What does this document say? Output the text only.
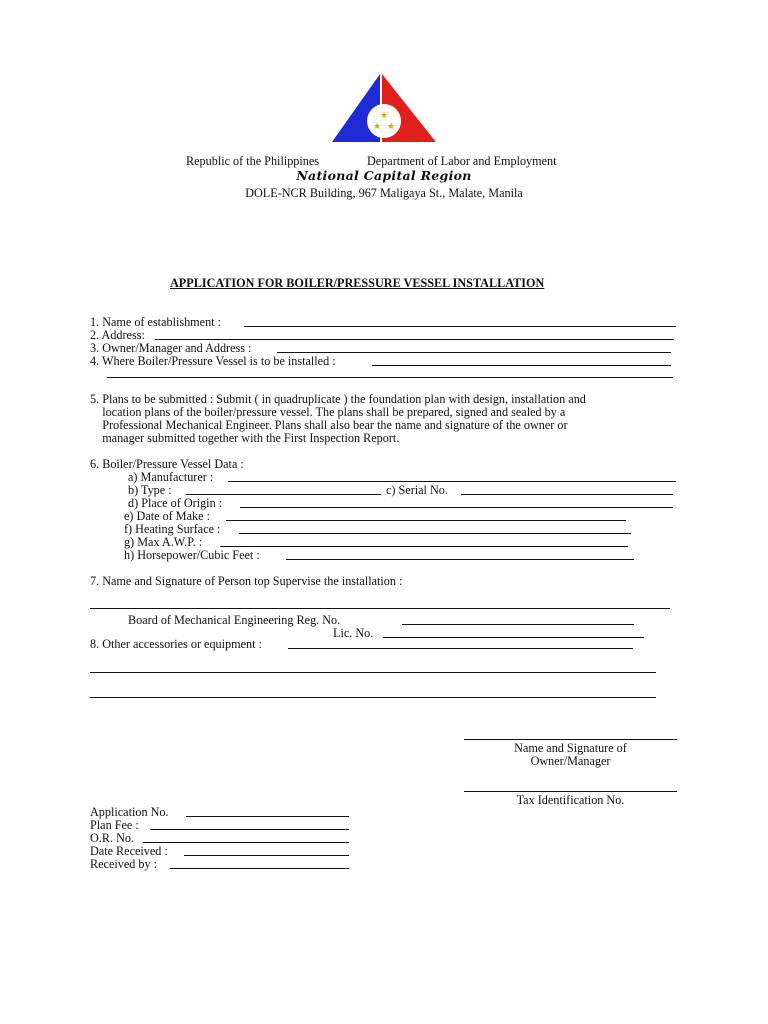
★
★ ★
Republic of the Philippines	Department of Labor and Employment
National Capital Region
DOLE-NCR Building, 967 Maligaya St., Malate, Manila
APPLICATION FOR BOILER/PRESSURE VESSEL INSTALLATION
1. Name of establishment :
2. Address:
3. Owner/Manager and Address :
4. Where Boiler/Pressure Vessel is to be installed :
5. Plans to be submitted : Submit ( in quadruplicate ) the foundation plan with design, installation and
location plans of the boiler/pressure vessel. The plans shall be prepared, signed and sealed by a
Professional Mechanical Engineer. Plans shall also bear the name and signature of the owner or
manager submitted together with the First Inspection Report.
6. Boiler/Pressure Vessel Data :
a) Manufacturer :
b) Type :	c) Serial No.
d) Place of Origin :
e) Date of Make :
f) Heating Surface :
g) Max A.W.P. :
h) Horsepower/Cubic Feet :
7. Name and Signature of Person top Supervise the installation :
Board of Mechanical Engineering Reg. No.
Lic. No.
8. Other accessories or equipment :
Name and Signature of
Owner/Manager
Tax Identification No.
Application No.
Plan Fee :
O.R. No.
Date Received :
Received by :
